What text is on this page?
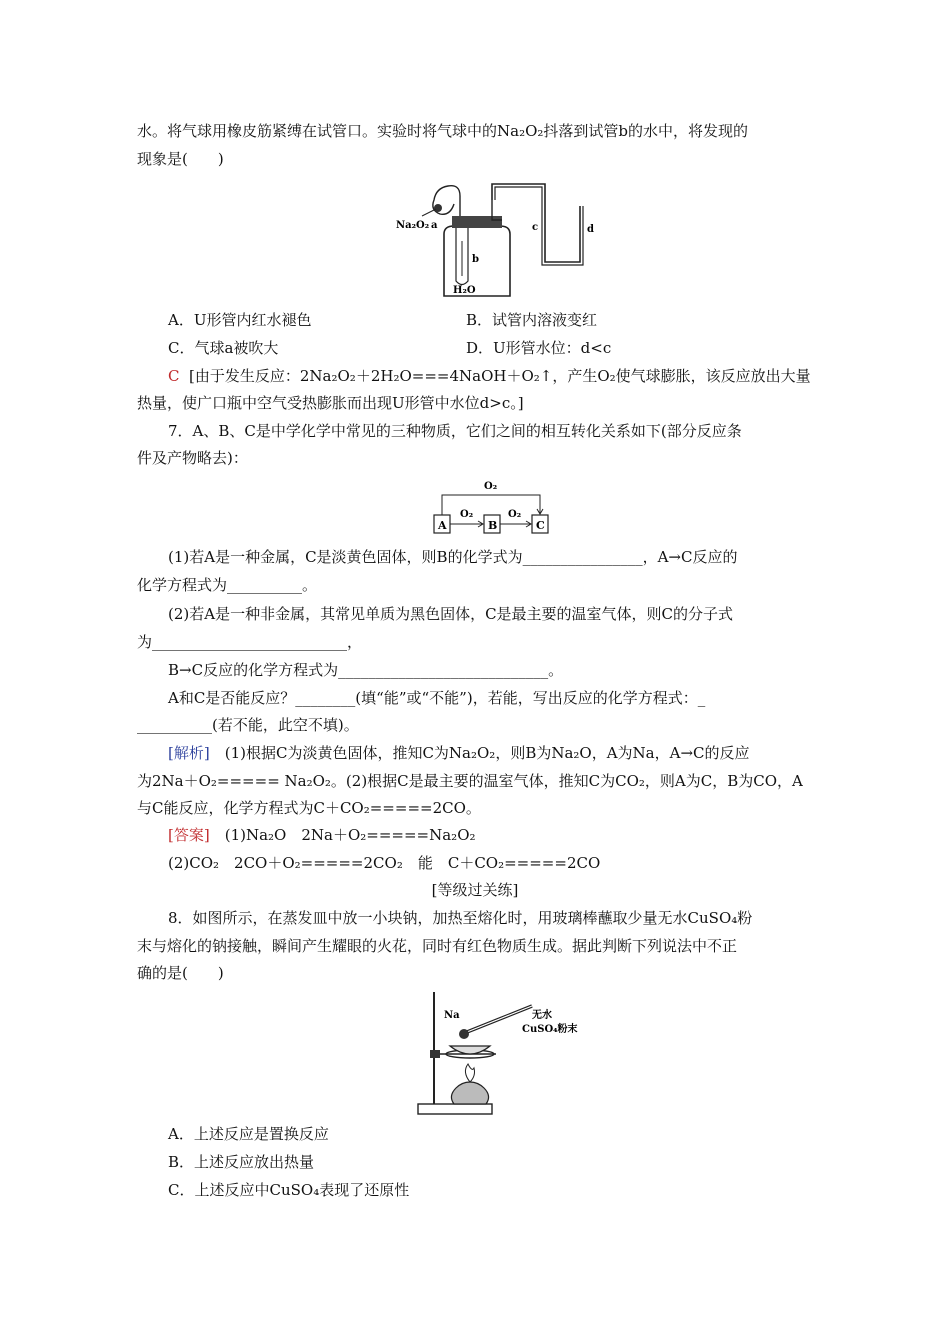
水。将气球用橡皮筋紧缚在试管口。实验时将气球中的Na₂O₂抖落到试管b的水中，将发现的
现象是(　　)
Na₂O₂ a
b
c	d
H₂O
A．U形管内红水褪色	B．试管内溶液变红
C．气球a被吹大	D．U形管水位：d<c
C [由于发生反应：2Na₂O₂＋2H₂O===4NaOH＋O₂↑，产生O₂使气球膨胀，该反应放出大量
热量，使广口瓶中空气受热膨胀而出现U形管中水位d>c。]
7．A、B、C是中学化学中常见的三种物质，它们之间的相互转化关系如下(部分反应条
件及产物略去)：
A	B	C
O₂
O₂	O₂
(1)若A是一种金属，C是淡黄色固体，则B的化学式为________________，A→C反应的
化学方程式为__________。
(2)若A是一种非金属，其常见单质为黑色固体，C是最主要的温室气体，则C的分子式
为__________________________，
B→C反应的化学方程式为____________________________。
A和C是否能反应？________(填“能”或“不能”)，若能，写出反应的化学方程式：_
__________(若不能，此空不填)。
[解析]　(1)根据C为淡黄色固体，推知C为Na₂O₂，则B为Na₂O，A为Na，A→C的反应
为2Na＋O₂===== Na₂O₂。(2)根据C是最主要的温室气体，推知C为CO₂，则A为C，B为CO，A
与C能反应，化学方程式为C＋CO₂=====2CO。
[答案]　(1)Na₂O　2Na＋O₂=====Na₂O₂
(2)CO₂　2CO＋O₂=====2CO₂　能　C＋CO₂=====2CO
[等级过关练]
8．如图所示，在蒸发皿中放一小块钠，加热至熔化时，用玻璃棒蘸取少量无水CuSO₄粉
末与熔化的钠接触，瞬间产生耀眼的火花，同时有红色物质生成。据此判断下列说法中不正
确的是(　　)
Na	无水
CuSO₄粉末
A．上述反应是置换反应
B．上述反应放出热量
C．上述反应中CuSO₄表现了还原性
